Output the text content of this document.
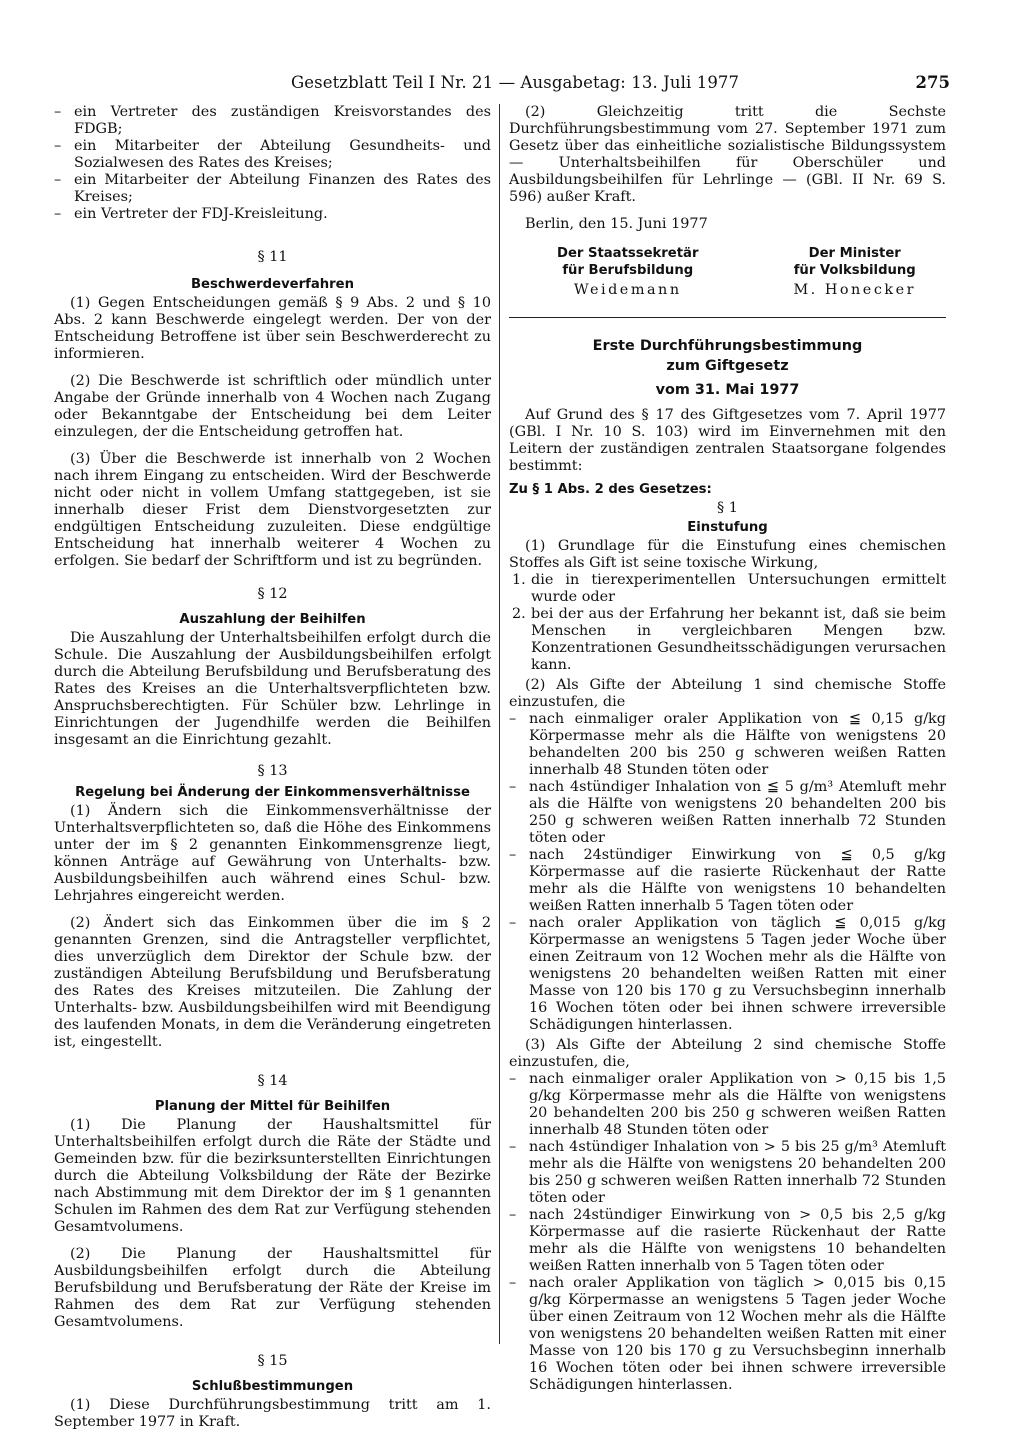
Gesetzblatt Teil I Nr. 21 — Ausgabetag: 13. Juli 1977	275
– ein Vertreter des zuständigen Kreisvorstandes des FDGB;
– ein Mitarbeiter der Abteilung Gesundheits- und Sozialwesen des Rates des Kreises;
– ein Mitarbeiter der Abteilung Finanzen des Rates des Kreises;
– ein Vertreter der FDJ-Kreisleitung.
§ 11
Beschwerdeverfahren

(1) Gegen Entscheidungen gemäß § 9 Abs. 2 und § 10 Abs. 2 kann Beschwerde eingelegt werden. Der von der Entscheidung Betroffene ist über sein Beschwerderecht zu informieren.

(2) Die Beschwerde ist schriftlich oder mündlich unter Angabe der Gründe innerhalb von 4 Wochen nach Zugang oder Bekanntgabe der Entscheidung bei dem Leiter einzulegen, der die Entscheidung getroffen hat.

(3) Über die Beschwerde ist innerhalb von 2 Wochen nach ihrem Eingang zu entscheiden. Wird der Beschwerde nicht oder nicht in vollem Umfang stattgegeben, ist sie innerhalb dieser Frist dem Dienstvorgesetzten zur endgültigen Entscheidung zuzuleiten. Diese endgültige Entscheidung hat innerhalb weiterer 4 Wochen zu erfolgen. Sie bedarf der Schriftform und ist zu begründen.

§ 12
Auszahlung der Beihilfen

Die Auszahlung der Unterhaltsbeihilfen erfolgt durch die Schule. Die Auszahlung der Ausbildungsbeihilfen erfolgt durch die Abteilung Berufsbildung und Berufsberatung des Rates des Kreises an die Unterhaltsverpflichteten bzw. Anspruchsberechtigten. Für Schüler bzw. Lehrlinge in Einrichtungen der Jugendhilfe werden die Beihilfen insgesamt an die Einrichtung gezahlt.

§ 13
Regelung bei Änderung der Einkommensverhältnisse

(1) Ändern sich die Einkommensverhältnisse der Unterhaltsverpflichteten so, daß die Höhe des Einkommens unter der im § 2 genannten Einkommensgrenze liegt, können Anträge auf Gewährung von Unterhalts- bzw. Ausbildungsbeihilfen auch während eines Schul- bzw. Lehrjahres eingereicht werden.

(2) Ändert sich das Einkommen über die im § 2 genannten Grenzen, sind die Antragsteller verpflichtet, dies unverzüglich dem Direktor der Schule bzw. der zuständigen Abteilung Berufsbildung und Berufsberatung des Rates des Kreises mitzuteilen. Die Zahlung der Unterhalts- bzw. Ausbildungsbeihilfen wird mit Beendigung des laufenden Monats, in dem die Veränderung eingetreten ist, eingestellt.

§ 14
Planung der Mittel für Beihilfen

(1) Die Planung der Haushaltsmittel für Unterhaltsbeihilfen erfolgt durch die Räte der Städte und Gemeinden bzw. für die bezirksunterstellten Einrichtungen durch die Abteilung Volksbildung der Räte der Bezirke nach Abstimmung mit dem Direktor der im § 1 genannten Schulen im Rahmen des dem Rat zur Verfügung stehenden Gesamtvolumens.

(2) Die Planung der Haushaltsmittel für Ausbildungsbeihilfen erfolgt durch die Abteilung Berufsbildung und Berufsberatung der Räte der Kreise im Rahmen des dem Rat zur Verfügung stehenden Gesamtvolumens.

§ 15
Schlußbestimmungen

(1) Diese Durchführungsbestimmung tritt am 1. September 1977 in Kraft.

(2) Gleichzeitig tritt die Sechste Durchführungsbestimmung vom 27. September 1971 zum Gesetz über das einheitliche sozialistische Bildungssystem — Unterhaltsbeihilfen für Oberschüler und Ausbildungsbeihilfen für Lehrlinge — (GBl. II Nr. 69 S. 596) außer Kraft.

Berlin, den 15. Juni 1977

Der Staatssekretär
für Berufsbildung
Weidemann
Der Minister
für Volksbildung
M. Honecker
Erste Durchführungsbestimmung
zum Giftgesetz
vom 31. Mai 1977

Auf Grund des § 17 des Giftgesetzes vom 7. April 1977 (GBl. I Nr. 10 S. 103) wird im Einvernehmen mit den Leitern der zuständigen zentralen Staatsorgane folgendes bestimmt:

Zu § 1 Abs. 2 des Gesetzes:
§ 1
Einstufung

(1) Grundlage für die Einstufung eines chemischen Stoffes als Gift ist seine toxische Wirkung,

1. die in tierexperimentellen Untersuchungen ermittelt wurde oder
2. bei der aus der Erfahrung her bekannt ist, daß sie beim Menschen in vergleichbaren Mengen bzw. Konzentrationen Gesundheitsschädigungen verursachen kann.

(2) Als Gifte der Abteilung 1 sind chemische Stoffe einzustufen, die

– nach einmaliger oraler Applikation von ≦ 0,15 g/kg Körpermasse mehr als die Hälfte von wenigstens 20 behandelten 200 bis 250 g schweren weißen Ratten innerhalb 48 Stunden töten oder
– nach 4stündiger Inhalation von ≦ 5 g/m³ Atemluft mehr als die Hälfte von wenigstens 20 behandelten 200 bis 250 g schweren weißen Ratten innerhalb 72 Stunden töten oder
– nach 24stündiger Einwirkung von ≦ 0,5 g/kg Körpermasse auf die rasierte Rückenhaut der Ratte mehr als die Hälfte von wenigstens 10 behandelten weißen Ratten innerhalb 5 Tagen töten oder
– nach oraler Applikation von täglich ≦ 0,015 g/kg Körpermasse an wenigstens 5 Tagen jeder Woche über einen Zeitraum von 12 Wochen mehr als die Hälfte von wenigstens 20 behandelten weißen Ratten mit einer Masse von 120 bis 170 g zu Versuchsbeginn innerhalb 16 Wochen töten oder bei ihnen schwere irreversible Schädigungen hinterlassen.

(3) Als Gifte der Abteilung 2 sind chemische Stoffe einzustufen, die,

– nach einmaliger oraler Applikation von > 0,15 bis 1,5 g/kg Körpermasse mehr als die Hälfte von wenigstens 20 behandelten 200 bis 250 g schweren weißen Ratten innerhalb 48 Stunden töten oder
– nach 4stündiger Inhalation von > 5 bis 25 g/m³ Atemluft mehr als die Hälfte von wenigstens 20 behandelten 200 bis 250 g schweren weißen Ratten innerhalb 72 Stunden töten oder
– nach 24stündiger Einwirkung von > 0,5 bis 2,5 g/kg Körpermasse auf die rasierte Rückenhaut der Ratte mehr als die Hälfte von wenigstens 10 behandelten weißen Ratten innerhalb von 5 Tagen töten oder
– nach oraler Applikation von täglich > 0,015 bis 0,15 g/kg Körpermasse an wenigstens 5 Tagen jeder Woche über einen Zeitraum von 12 Wochen mehr als die Hälfte von wenigstens 20 behandelten weißen Ratten mit einer Masse von 120 bis 170 g zu Versuchsbeginn innerhalb 16 Wochen töten oder bei ihnen schwere irreversible Schädigungen hinterlassen.
